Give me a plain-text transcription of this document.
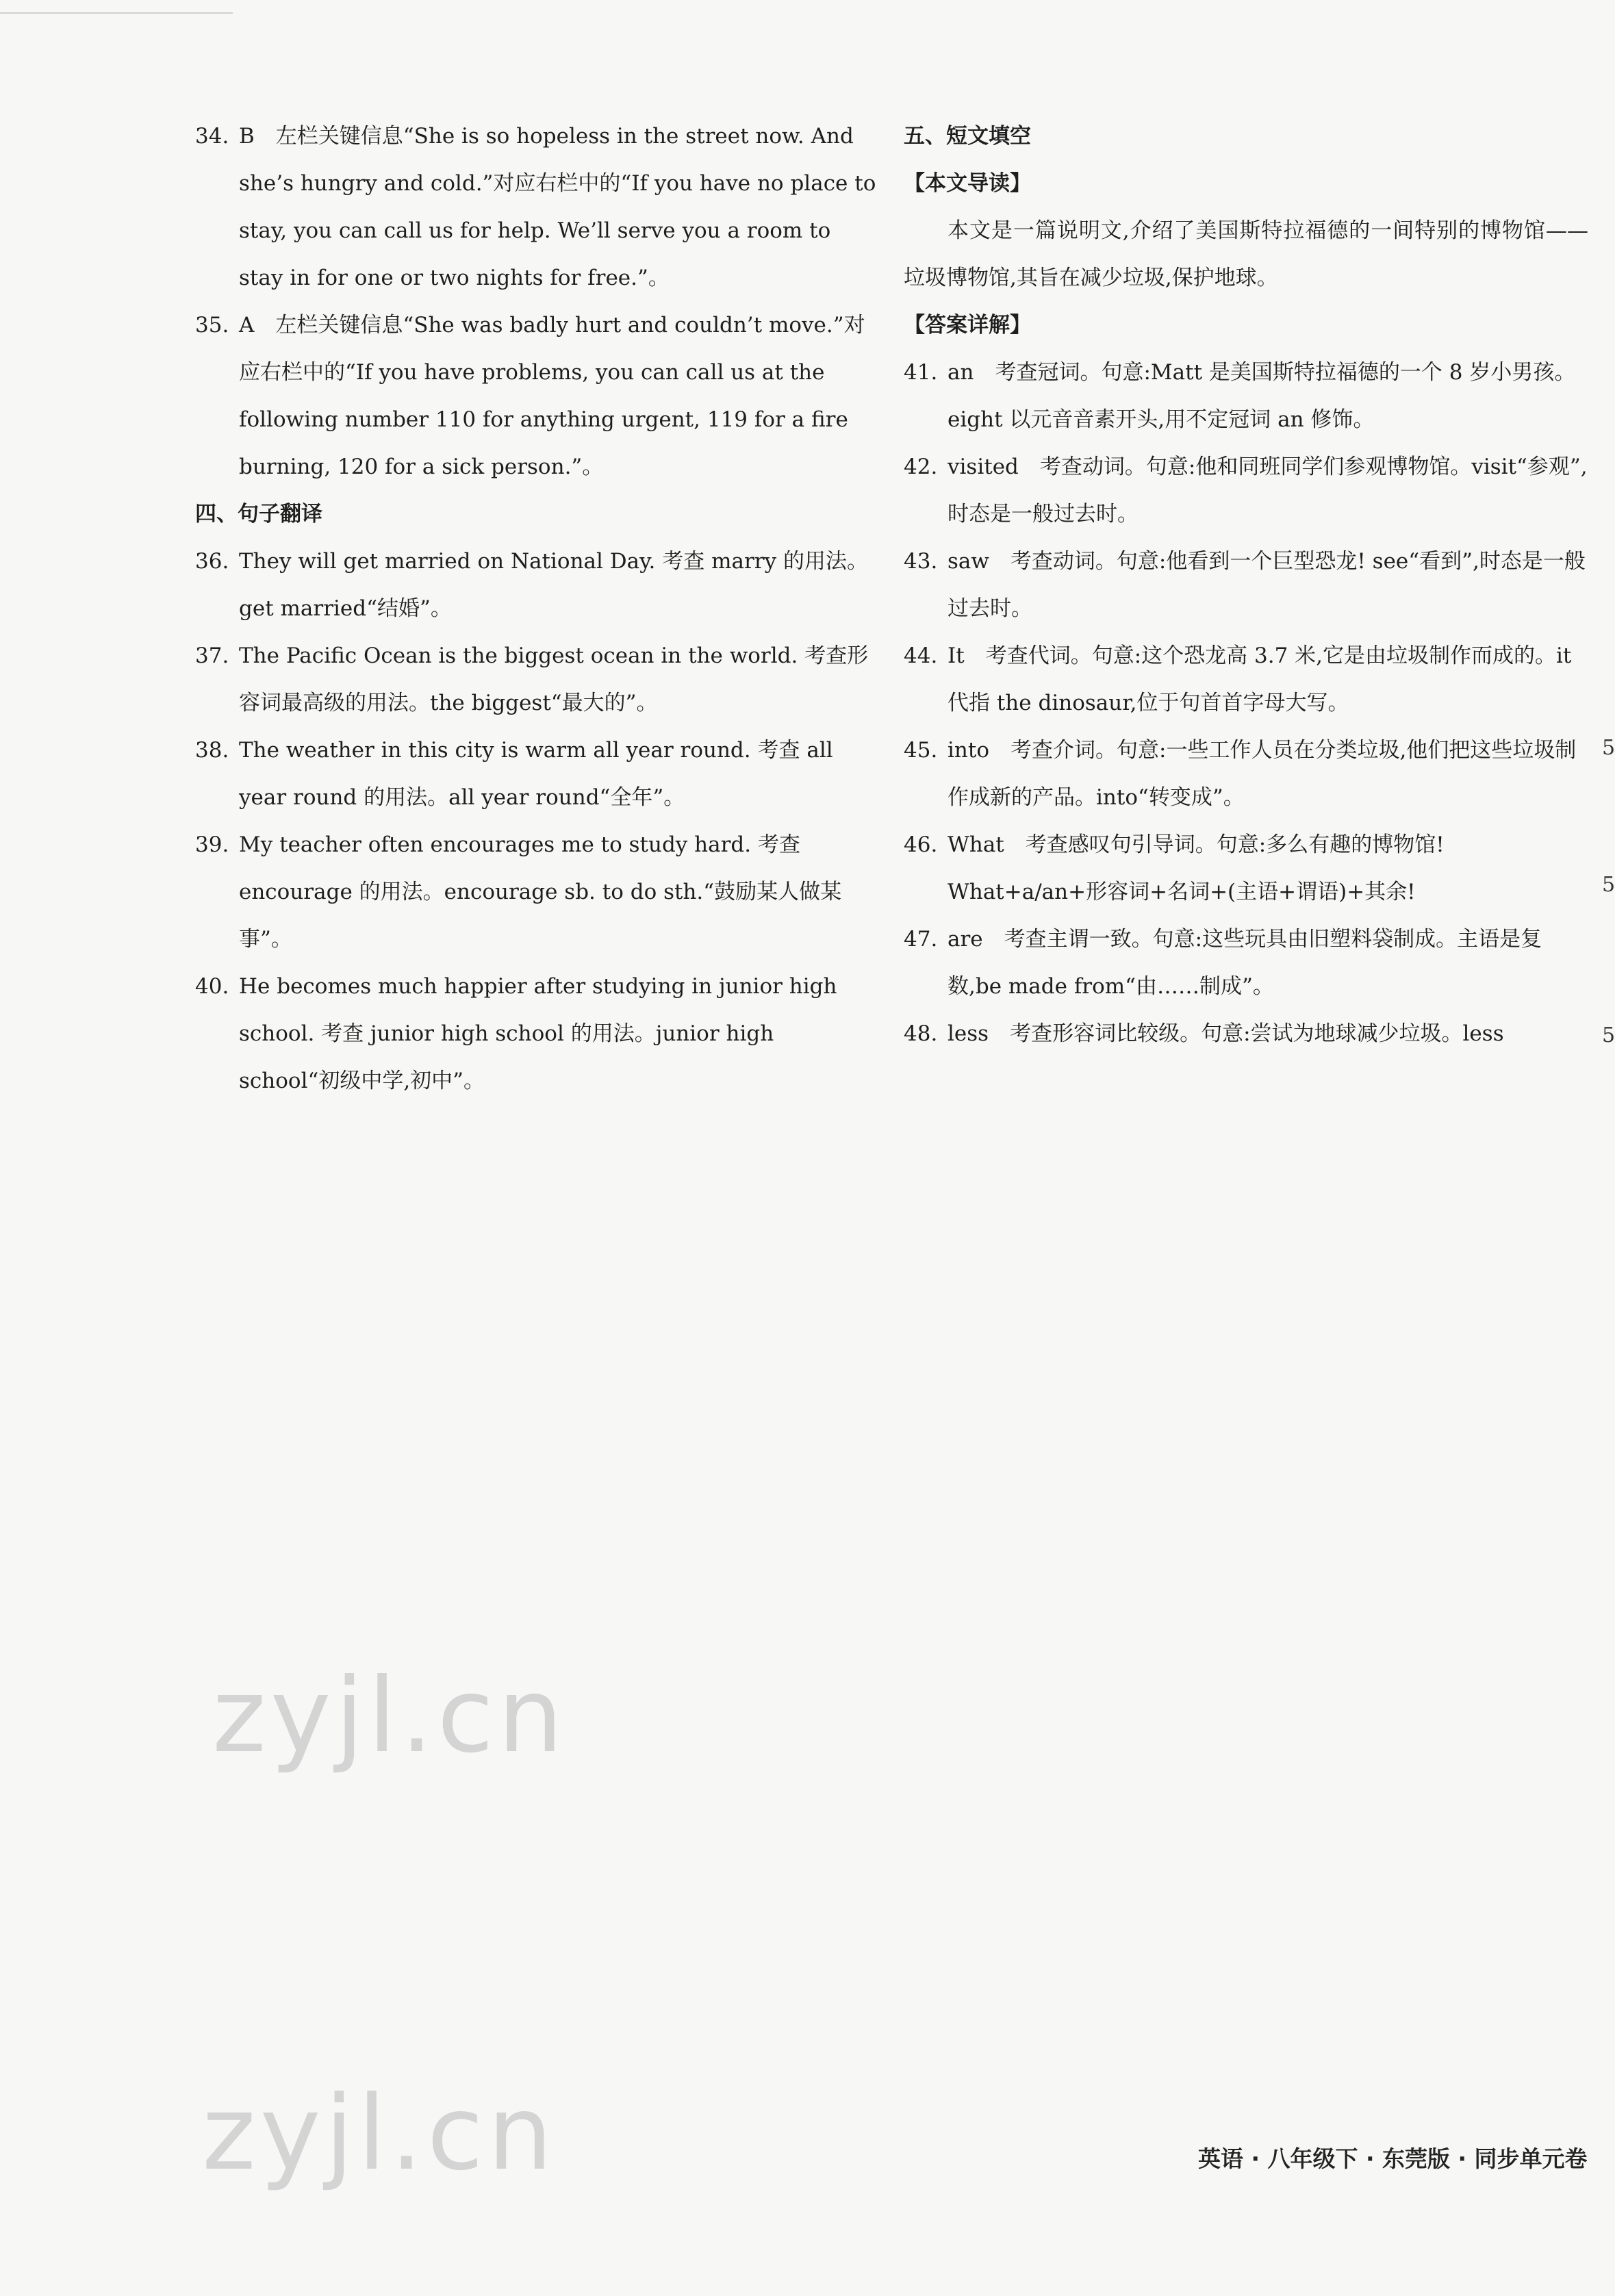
34. B　左栏关键信息“She is so hopeless in the street now. And she’s hungry and cold.”对应右栏中的“If you have no place to stay, you can call us for help. We’ll serve you a room to stay in for one or two nights for free.”。
35. A　左栏关键信息“She was badly hurt and couldn’t move.”对应右栏中的“If you have problems, you can call us at the following number 110 for anything urgent, 119 for a fire burning, 120 for a sick person.”。
四、句子翻译
36. They will get married on National Day. 考查 marry 的用法。get married“结婚”。
37. The Pacific Ocean is the biggest ocean in the world. 考查形容词最高级的用法。the biggest“最大的”。
38. The weather in this city is warm all year round. 考查 all year round 的用法。all year round“全年”。
39. My teacher often encourages me to study hard. 考查 encourage 的用法。encourage sb. to do sth.“鼓励某人做某事”。
40. He becomes much happier after studying in junior high school. 考查 junior high school 的用法。junior high school“初级中学,初中”。
五、短文填空
【本文导读】
本文是一篇说明文,介绍了美国斯特拉福德的一间特别的博物馆——垃圾博物馆,其旨在减少垃圾,保护地球。
【答案详解】
41. an　考查冠词。句意:Matt 是美国斯特拉福德的一个 8 岁小男孩。eight 以元音音素开头,用不定冠词 an 修饰。
42. visited　考查动词。句意:他和同班同学们参观博物馆。visit“参观”,时态是一般过去时。
43. saw　考查动词。句意:他看到一个巨型恐龙! see“看到”,时态是一般过去时。
44. It　考查代词。句意:这个恐龙高 3.7 米,它是由垃圾制作而成的。it 代指 the dinosaur,位于句首首字母大写。
45. into　考查介词。句意:一些工作人员在分类垃圾,他们把这些垃圾制作成新的产品。into“转变成”。
46. What　考查感叹句引导词。句意:多么有趣的博物馆! What+a/an+形容词+名词+(主语+谓语)+其余!
47. are　考查主谓一致。句意:这些玩具由旧塑料袋制成。主语是复数,be made from“由……制成”。
48. less　考查形容词比较级。句意:尝试为地球减少垃圾。less
zyjl.cn
zyjl.cn	英语 · 八年级下 · 东莞版 · 同步单元卷
5
5
5
